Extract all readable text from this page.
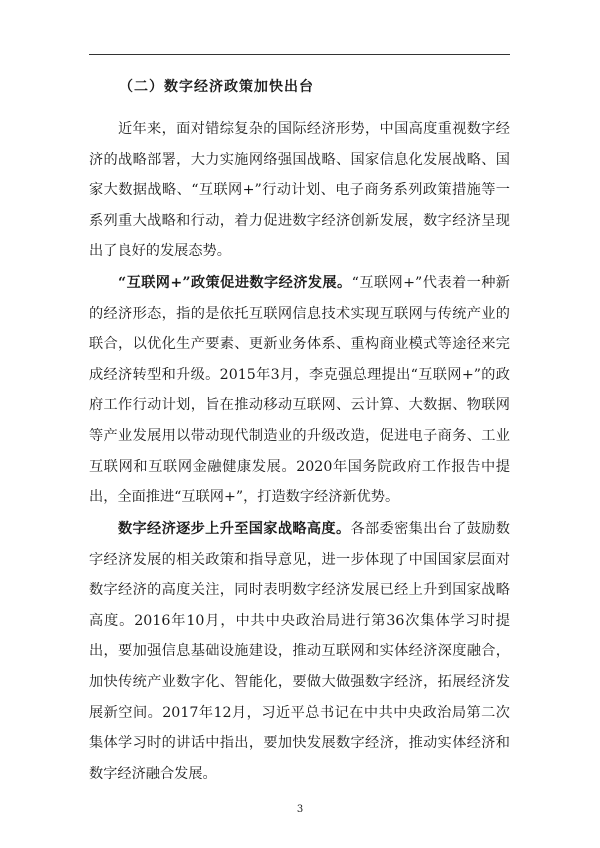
（二）数字经济政策加快出台

近年来，面对错综复杂的国际经济形势，中国高度重视数字经济的战略部署，大力实施网络强国战略、国家信息化发展战略、国家大数据战略、“互联网+”行动计划、电子商务系列政策措施等一系列重大战略和行动，着力促进数字经济创新发展，数字经济呈现出了良好的发展态势。

“互联网+”政策促进数字经济发展。“互联网+”代表着一种新的经济形态，指的是依托互联网信息技术实现互联网与传统产业的联合，以优化生产要素、更新业务体系、重构商业模式等途径来完成经济转型和升级。2015年3月，李克强总理提出“互联网+”的政府工作行动计划，旨在推动移动互联网、云计算、大数据、物联网等产业发展用以带动现代制造业的升级改造，促进电子商务、工业互联网和互联网金融健康发展。2020年国务院政府工作报告中提出，全面推进“互联网+”，打造数字经济新优势。

数字经济逐步上升至国家战略高度。各部委密集出台了鼓励数字经济发展的相关政策和指导意见，进一步体现了中国国家层面对数字经济的高度关注，同时表明数字经济发展已经上升到国家战略高度。2016年10月，中共中央政治局进行第36次集体学习时提出，要加强信息基础设施建设，推动互联网和实体经济深度融合，加快传统产业数字化、智能化，要做大做强数字经济，拓展经济发展新空间。2017年12月，习近平总书记在中共中央政治局第二次集体学习时的讲话中指出，要加快发展数字经济，推动实体经济和数字经济融合发展。

3
